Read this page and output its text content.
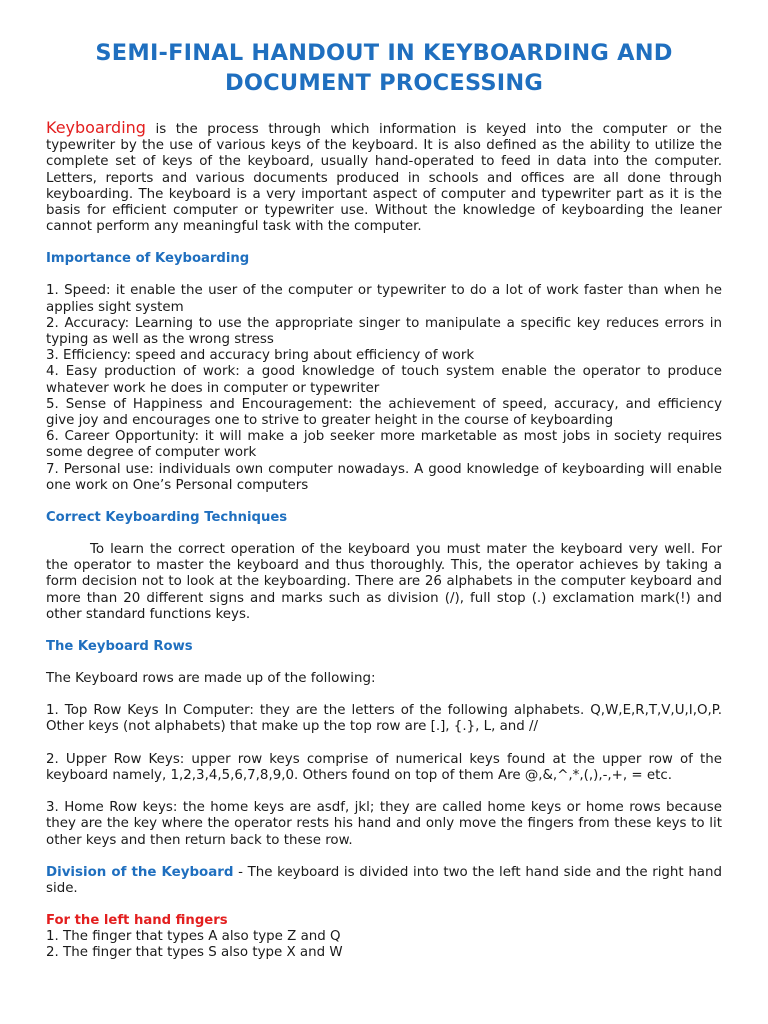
SEMI-FINAL HANDOUT IN KEYBOARDING AND DOCUMENT PROCESSING

Keyboarding is the process through which information is keyed into the computer or the typewriter by the use of various keys of the keyboard. It is also defined as the ability to utilize the complete set of keys of the keyboard, usually hand-operated to feed in data into the computer. Letters, reports and various documents produced in schools and offices are all done through keyboarding. The keyboard is a very important aspect of computer and typewriter part as it is the basis for efficient computer or typewriter use. Without the knowledge of keyboarding the leaner cannot perform any meaningful task with the computer.

Importance of Keyboarding
1. Speed: it enable the user of the computer or typewriter to do a lot of work faster than when he applies sight system
2. Accuracy: Learning to use the appropriate singer to manipulate a specific key reduces errors in typing as well as the wrong stress
3. Efficiency: speed and accuracy bring about efficiency of work
4. Easy production of work: a good knowledge of touch system enable the operator to produce whatever work he does in computer or typewriter
5. Sense of Happiness and Encouragement: the achievement of speed, accuracy, and efficiency give joy and encourages one to strive to greater height in the course of keyboarding
6. Career Opportunity: it will make a job seeker more marketable as most jobs in society requires some degree of computer work
7. Personal use: individuals own computer nowadays. A good knowledge of keyboarding will enable one work on One’s Personal computers
Correct Keyboarding Techniques

To learn the correct operation of the keyboard you must mater the keyboard very well. For the operator to master the keyboard and thus thoroughly. This, the operator achieves by taking a form decision not to look at the keyboarding. There are 26 alphabets in the computer keyboard and more than 20 different signs and marks such as division (/), full stop (.) exclamation mark(!) and other standard functions keys.

The Keyboard Rows

The Keyboard rows are made up of the following:

1. Top Row Keys In Computer: they are the letters of the following alphabets. Q,W,E,R,T,V,U,I,O,P. Other keys (not alphabets) that make up the top row are [.], {.}, L, and //

2. Upper Row Keys: upper row keys comprise of numerical keys found at the upper row of the keyboard namely, 1,2,3,4,5,6,7,8,9,0. Others found on top of them Are @,&,^,*,(,),-,+, = etc.

3. Home Row keys: the home keys are asdf, jkl; they are called home keys or home rows because they are the key where the operator rests his hand and only move the fingers from these keys to lit other keys and then return back to these row.

Division of the Keyboard - The keyboard is divided into two the left hand side and the right hand side.

For the left hand fingers
1. The finger that types A also type Z and Q
2. The finger that types S also type X and W
